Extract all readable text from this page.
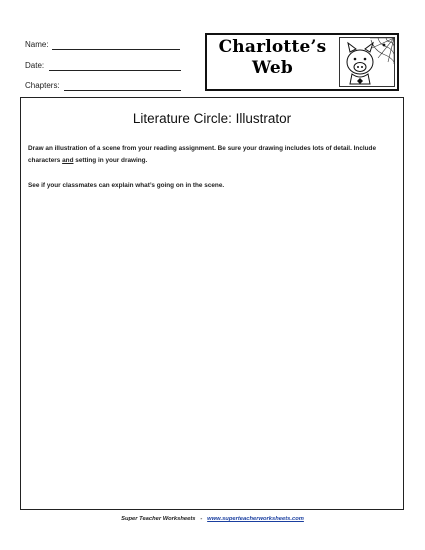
Name:
Date:
Chapters:
Charlotte’s
Web
Literature Circle: Illustrator

Draw an illustration of a scene from your reading assignment. Be sure your drawing includes lots of detail. Include characters and setting in your drawing.

See if your classmates can explain what’s going on in the scene.

Super Teacher Worksheets - www.superteacherworksheets.com
